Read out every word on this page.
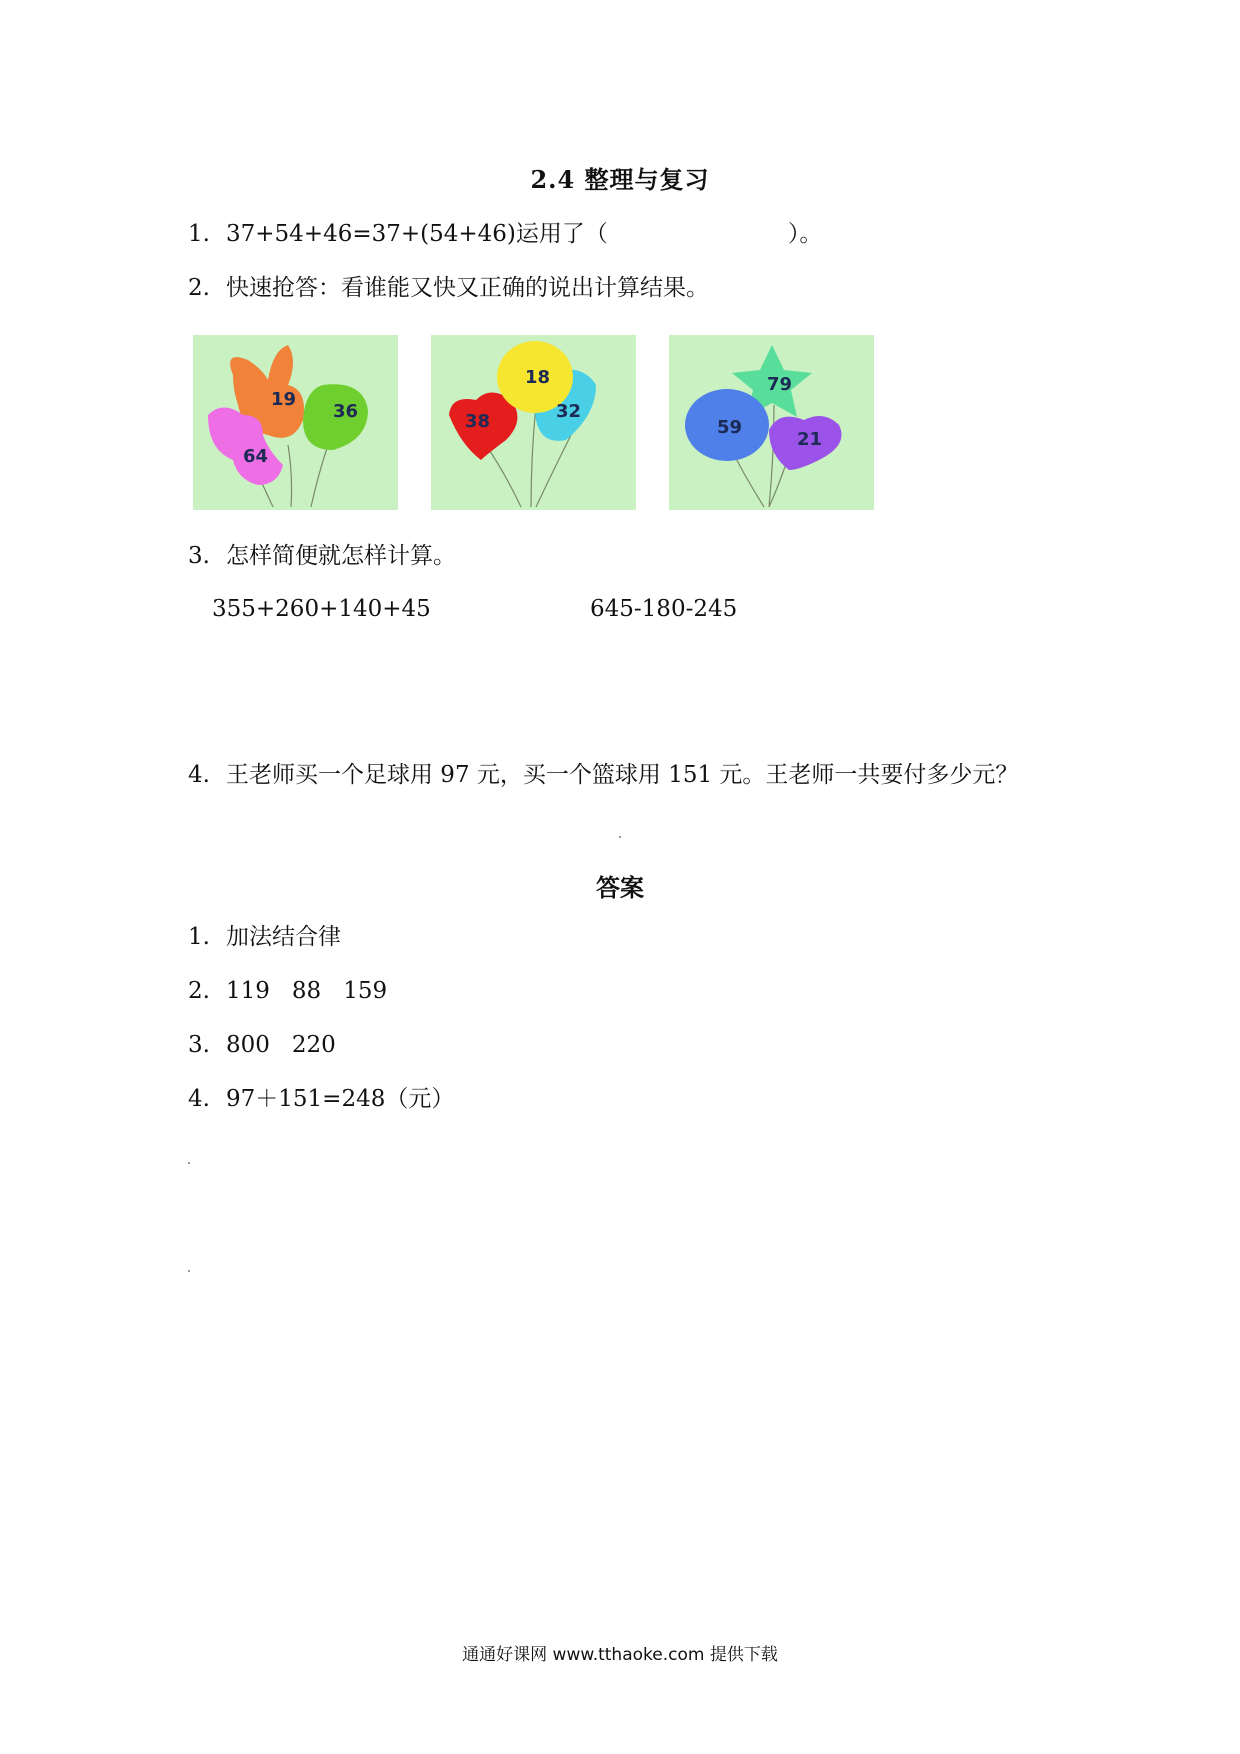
2.4 整理与复习
1. 37+54+46=37+(54+46)运用了（	）。
2. 快速抢答：看谁能又快又正确的说出计算结果。
19
36
64
18
38	32
79
59
21
3. 怎样简便就怎样计算。
355+260+140+45	645-180-245
4. 王老师买一个足球用 97 元，买一个篮球用 151 元。王老师一共要付多少元？
答案
1. 加法结合律
2. 119 88 159
3. 800 220
4. 97＋151=248（元）
通通好课网 www.tthaoke.com 提供下载
